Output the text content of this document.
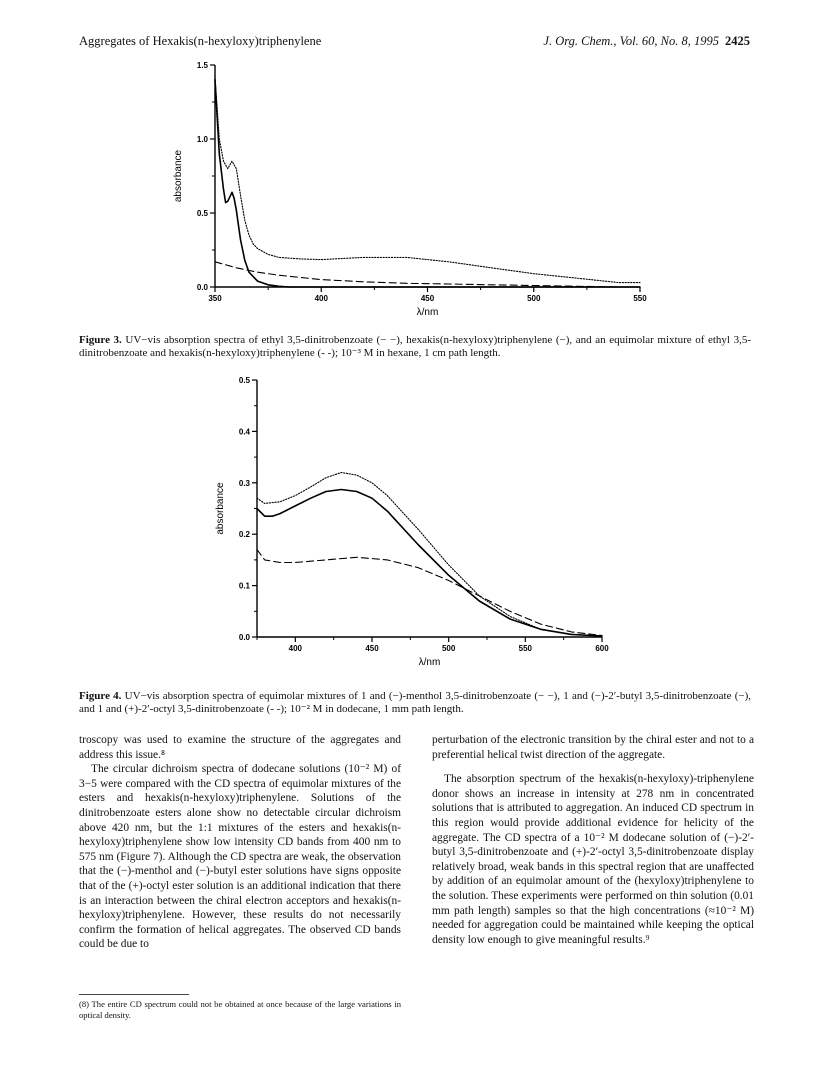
Aggregates of Hexakis(n-hexyloxy)triphenylene	J. Org. Chem., Vol. 60, No. 8, 1995 2425
0.0
0.5
1.0
1.5
350	400	450	500	550
λ/nm
absorbance
Figure 3. UV−vis absorption spectra of ethyl 3,5-dinitrobenzoate (− −), hexakis(n-hexyloxy)triphenylene (−), and an equimolar mixture of ethyl 3,5-dinitrobenzoate and hexakis(n-hexyloxy)triphenylene (- -); 10⁻³ M in hexane, 1 cm path length.
0.0
0.1
0.2
0.3
0.4
0.5
400	450	500	550	600
λ/nm
absorbance
Figure 4. UV−vis absorption spectra of equimolar mixtures of 1 and (−)-menthol 3,5-dinitrobenzoate (− −), 1 and (−)-2′-butyl 3,5-dinitrobenzoate (−), and 1 and (+)-2′-octyl 3,5-dinitrobenzoate (- -); 10⁻² M in dodecane, 1 mm path length.

troscopy was used to examine the structure of the aggregates and address this issue.⁸

The circular dichroism spectra of dodecane solutions (10⁻² M) of 3−5 were compared with the CD spectra of equimolar mixtures of the esters and hexakis(n-hexyloxy)triphenylene. Solutions of the dinitrobenzoate esters alone show no detectable circular dichroism above 420 nm, but the 1:1 mixtures of the esters and hexakis(n-hexyloxy)triphenylene show low intensity CD bands from 400 nm to 575 nm (Figure 7). Although the CD spectra are weak, the observation that the (−)-menthol and (−)-butyl ester solutions have signs opposite that of the (+)-octyl ester solution is an additional indication that there is an interaction between the chiral electron acceptors and hexakis(n-hexyloxy)triphenylene. However, these results do not necessarily confirm the formation of helical aggregates. The observed CD bands could be due to

perturbation of the electronic transition by the chiral ester and not to a preferential helical twist direction of the aggregate.

The absorption spectrum of the hexakis(n-hexyloxy)-triphenylene donor shows an increase in intensity at 278 nm in concentrated solutions that is attributed to aggregation. An induced CD spectrum in this region would provide additional evidence for helicity of the aggregate. The CD spectra of a 10⁻² M dodecane solution of (−)-2′-butyl 3,5-dinitrobenzoate and (+)-2′-octyl 3,5-dinitrobenzoate display relatively broad, weak bands in this spectral region that are unaffected by addition of an equimolar amount of the (hexyloxy)triphenylene to the solution. These experiments were performed on thin solution (0.01 mm path length) samples so that the high concentrations (≈10⁻² M) needed for aggregation could be maintained while keeping the optical density low enough to give meaningful results.⁹

(8) The entire CD spectrum could not be obtained at once because of the large variations in optical density.
